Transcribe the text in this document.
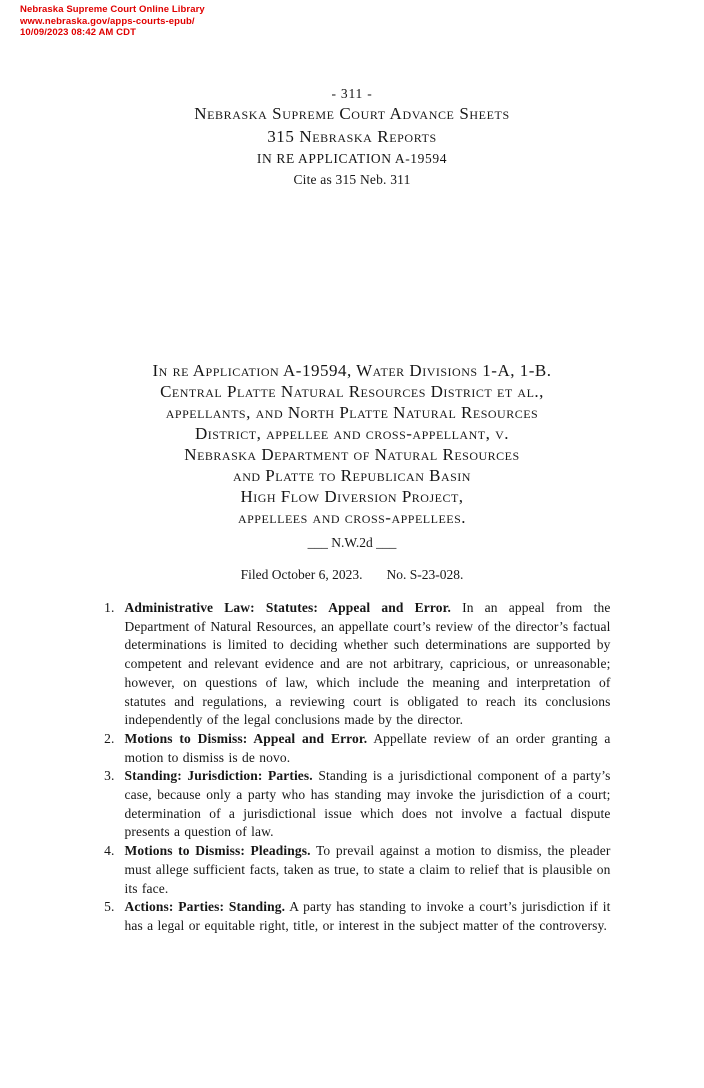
Nebraska Supreme Court Online Library
www.nebraska.gov/apps-courts-epub/
10/09/2023 08:42 AM CDT
- 311 -
Nebraska Supreme Court Advance Sheets
315 Nebraska Reports
IN RE APPLICATION A-19594
Cite as 315 Neb. 311
In re Application A-19594, Water Divisions 1-A, 1-B.
Central Platte Natural Resources District et al.,
appellants, and North Platte Natural Resources
District, appellee and cross-appellant, v.
Nebraska Department of Natural Resources
and Platte to Republican Basin
High Flow Diversion Project,
appellees and cross-appellees.
___ N.W.2d ___
Filed October 6, 2023. No. S-23-028.
1. Administrative Law: Statutes: Appeal and Error. In an appeal from the Department of Natural Resources, an appellate court’s review of the director’s factual determinations is limited to deciding whether such determinations are supported by competent and relevant evidence and are not arbitrary, capricious, or unreasonable; however, on questions of law, which include the meaning and interpretation of statutes and regulations, a reviewing court is obligated to reach its conclusions independently of the legal conclusions made by the director.
2. Motions to Dismiss: Appeal and Error. Appellate review of an order granting a motion to dismiss is de novo.
3. Standing: Jurisdiction: Parties. Standing is a jurisdictional component of a party’s case, because only a party who has standing may invoke the jurisdiction of a court; determination of a jurisdictional issue which does not involve a factual dispute presents a question of law.
4. Motions to Dismiss: Pleadings. To prevail against a motion to dismiss, the pleader must allege sufficient facts, taken as true, to state a claim to relief that is plausible on its face.
5. Actions: Parties: Standing. A party has standing to invoke a court’s jurisdiction if it has a legal or equitable right, title, or interest in the subject matter of the controversy.
